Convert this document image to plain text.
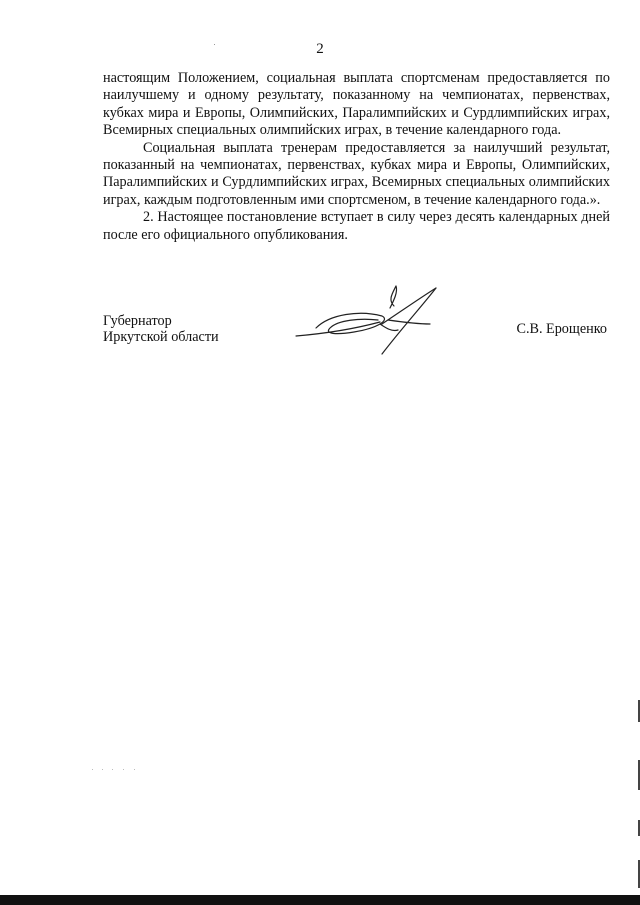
2

настоящим Положением, социальная выплата спортсменам предоставляется по наилучшему и одному результату, показанному на чемпионатах, первенствах, кубках мира и Европы, Олимпийских, Паралимпийских и Сурдлимпийских играх, Всемирных специальных олимпийских играх, в течение календарного года.

Социальная выплата тренерам предоставляется за наилучший результат, показанный на чемпионатах, первенствах, кубках мира и Европы, Олимпийских, Паралимпийских и Сурдлимпийских играх, Всемирных специальных олимпийских играх, каждым подготовленным ими спортсменом, в течение календарного года.».

2. Настоящее постановление вступает в силу через десять календарных дней после его официального опубликования.

Губернатор
Иркутской области	С.В. Ерощенко
